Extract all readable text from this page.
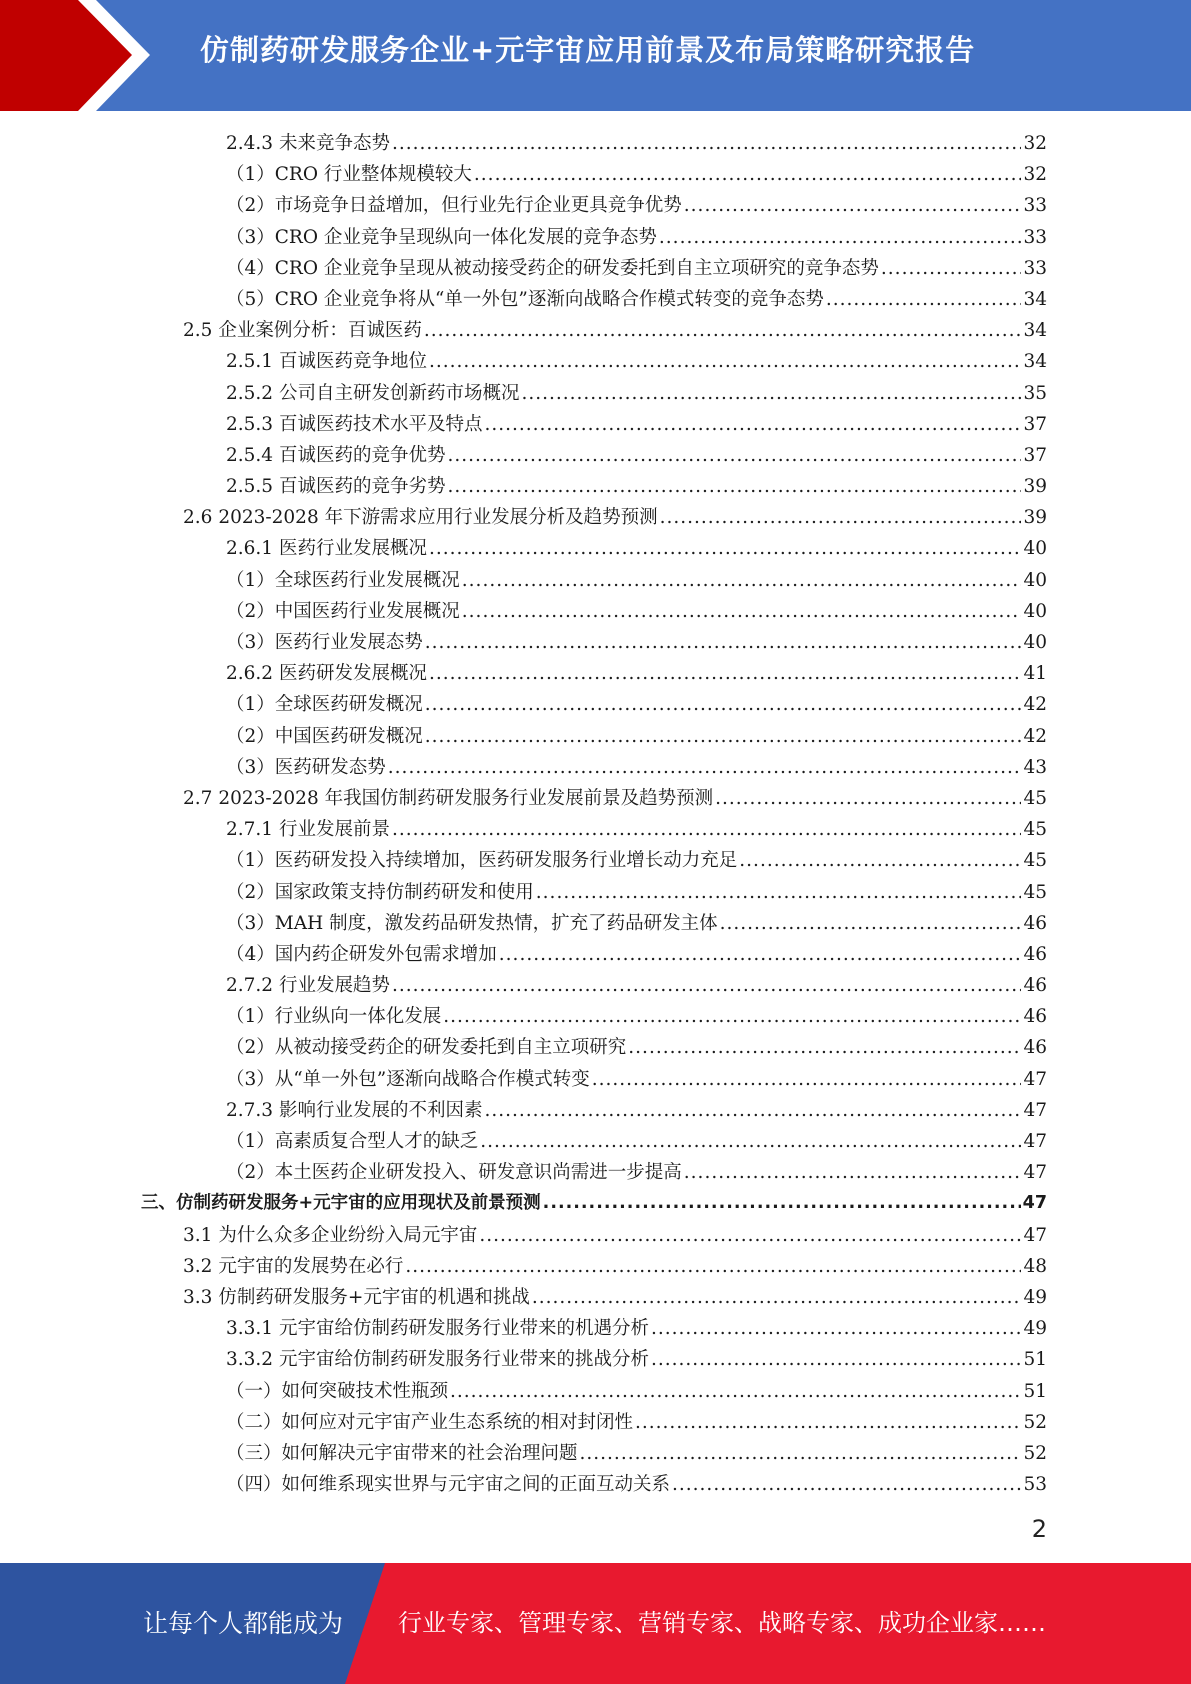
仿制药研发服务企业+元宇宙应用前景及布局策略研究报告
2.4.3 未来竞争态势 .....	32
（1） CRO 行业整体规模较大 .....	32
（2） 市场竞争日益增加，但行业先行企业更具竞争优势 .....	33
（3） CRO 企业竞争呈现纵向一体化发展的竞争态势 .....	33
（4） CRO 企业竞争呈现从被动接受药企的研发委托到自主立项研究的竞争态势 .....	33
（5） CRO 企业竞争将从“单一外包”逐渐向战略合作模式转变的竞争态势 .....	34
2.5 企业案例分析：百诚医药 .....	34
2.5.1 百诚医药竞争地位 .....	34
2.5.2 公司自主研发创新药市场概况 .....	35
2.5.3 百诚医药技术水平及特点 .....	37
2.5.4 百诚医药的竞争优势 .....	37
2.5.5 百诚医药的竞争劣势 .....	39
2.6 2023-2028 年下游需求应用行业发展分析及趋势预测 .....	39
2.6.1 医药行业发展概况 .....	40
（1） 全球医药行业发展概况 .....	40
（2） 中国医药行业发展概况 .....	40
（3） 医药行业发展态势 .....	40
2.6.2 医药研发发展概况 .....	41
（1） 全球医药研发概况 .....	42
（2） 中国医药研发概况 .....	42
（3） 医药研发态势 .....	43
2.7 2023-2028 年我国仿制药研发服务行业发展前景及趋势预测 .....	45
2.7.1 行业发展前景 .....	45
（1） 医药研发投入持续增加，医药研发服务行业增长动力充足 .....	45
（2） 国家政策支持仿制药研发和使用 .....	45
（3） MAH 制度，激发药品研发热情，扩充了药品研发主体 .....	46
（4） 国内药企研发外包需求增加 .....	46
2.7.2 行业发展趋势 .....	46
（1） 行业纵向一体化发展 .....	46
（2） 从被动接受药企的研发委托到自主立项研究 .....	46
（3） 从“单一外包”逐渐向战略合作模式转变 .....	47
2.7.3 影响行业发展的不利因素 .....	47
（1） 高素质复合型人才的缺乏 .....	47
（2） 本土医药企业研发投入、研发意识尚需进一步提高 .....	47
三、 仿制药研发服务+元宇宙的应用现状及前景预测 .....	47
3.1 为什么众多企业纷纷入局元宇宙 .....	47
3.2 元宇宙的发展势在必行 .....	48
3.3 仿制药研发服务+元宇宙的机遇和挑战 .....	49
3.3.1 元宇宙给仿制药研发服务行业带来的机遇分析 .....	49
3.3.2 元宇宙给仿制药研发服务行业带来的挑战分析 .....	51
（一） 如何突破技术性瓶颈 .....	51
（二） 如何应对元宇宙产业生态系统的相对封闭性 .....	52
（三） 如何解决元宇宙带来的社会治理问题 .....	52
（四） 如何维系现实世界与元宇宙之间的正面互动关系 .....	53
2
让每个人都能成为 行业专家、管理专家、营销专家、战略专家、成功企业家……
